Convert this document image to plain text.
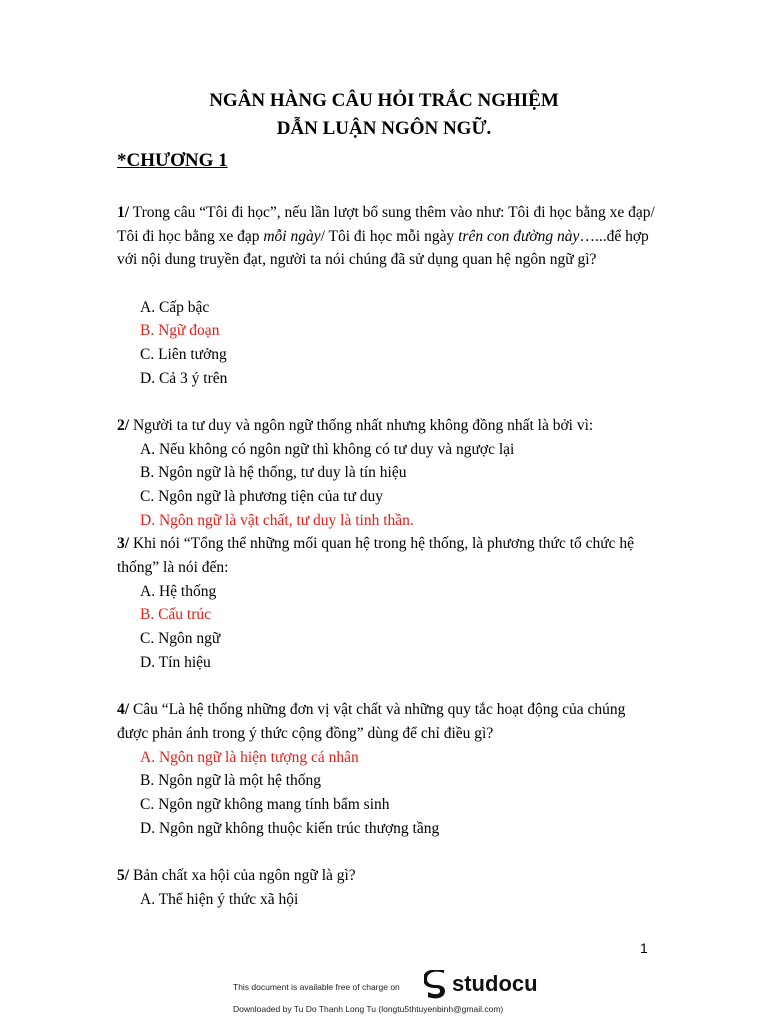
NGÂN HÀNG CÂU HỎI TRẮC NGHIỆM
DẪN LUẬN NGÔN NGỮ.
*CHƯƠNG 1
1/ Trong câu “Tôi đi học”, nếu lần lượt bổ sung thêm vào như: Tôi đi học bằng xe đạp/ Tôi đi học bằng xe đạp mỗi ngày/ Tôi đi học mỗi ngày trên con đường này…...để hợp với nội dung truyền đạt, người ta nói chúng đã sử dụng quan hệ ngôn ngữ gì?
A. Cấp bậc
B. Ngữ đoạn
C. Liên tưởng
D. Cả 3 ý trên
2/ Người ta tư duy và ngôn ngữ thống nhất nhưng không đồng nhất là bởi vì:
A. Nếu không có ngôn ngữ thì không có tư duy và ngược lại
B. Ngôn ngữ là hệ thống, tư duy là tín hiệu
C. Ngôn ngữ là phương tiện của tư duy
D. Ngôn ngữ là vật chất, tư duy là tinh thần.
3/ Khi nói “Tổng thể những mối quan hệ trong hệ thống, là phương thức tổ chức hệ thống” là nói đến:
A. Hệ thống
B. Cấu trúc
C. Ngôn ngữ
D. Tín hiệu
4/ Câu “Là hệ thống những đơn vị vật chất và những quy tắc hoạt động của chúng được phản ánh trong ý thức cộng đồng” dùng để chỉ điều gì?
A. Ngôn ngữ là hiện tượng cá nhân
B. Ngôn ngữ là một hệ thống
C. Ngôn ngữ không mang tính bẩm sinh
D. Ngôn ngữ không thuộc kiến trúc thượng tầng
5/ Bản chất xa hội của ngôn ngữ là gì?
A. Thể hiện ý thức xã hội
1
This document is available free of charge on studocu
Downloaded by Tu Do Thanh Long Tu (longtu5thtuyenbinh@gmail.com)
